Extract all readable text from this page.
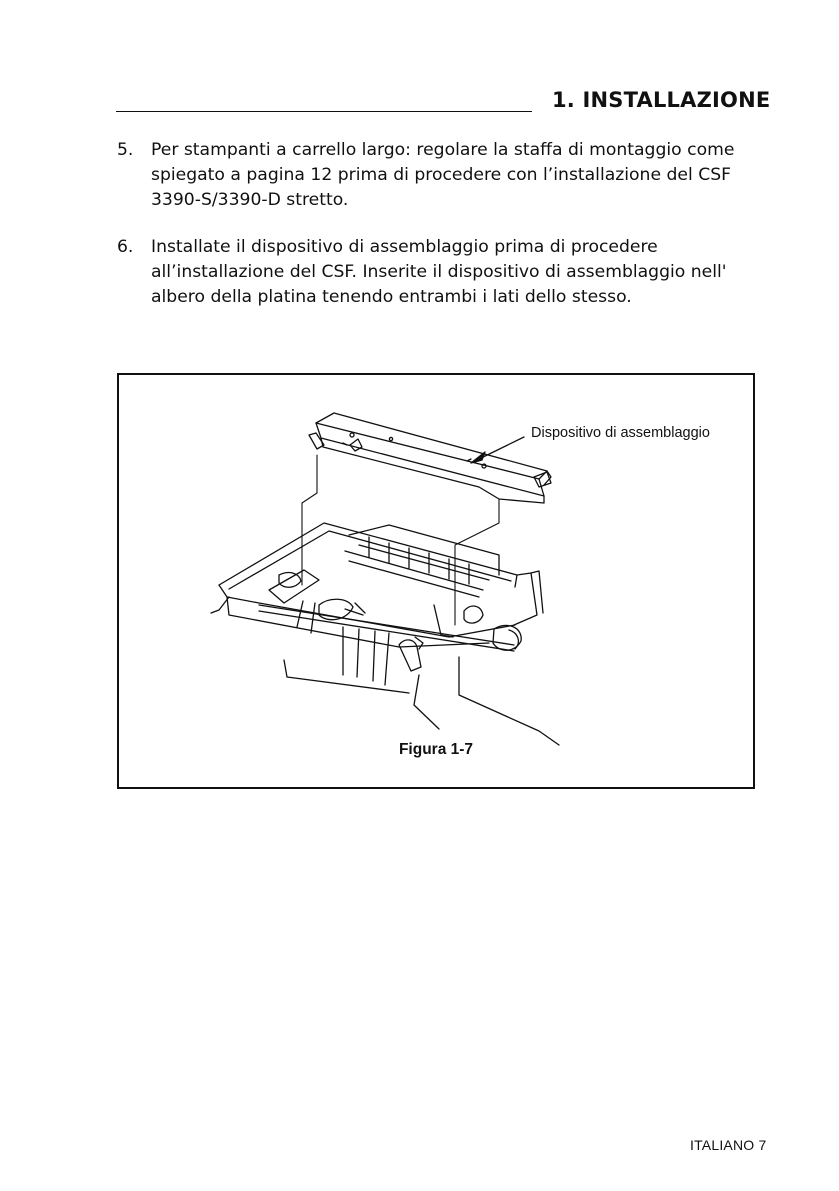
1. INSTALLAZIONE
5.	Per stampanti a carrello largo: regolare la staffa di montaggio come
spiegato a pagina 12 prima di procedere con l’installazione del CSF
3390-S/3390-D stretto.
6.	Installate il dispositivo di assemblaggio prima di procedere
all’installazione del CSF. Inserite il dispositivo di assemblaggio nell'
albero della platina tenendo entrambi i lati dello stesso.
Dispositivo di assemblaggio
Figura 1-7
ITALIANO 7
